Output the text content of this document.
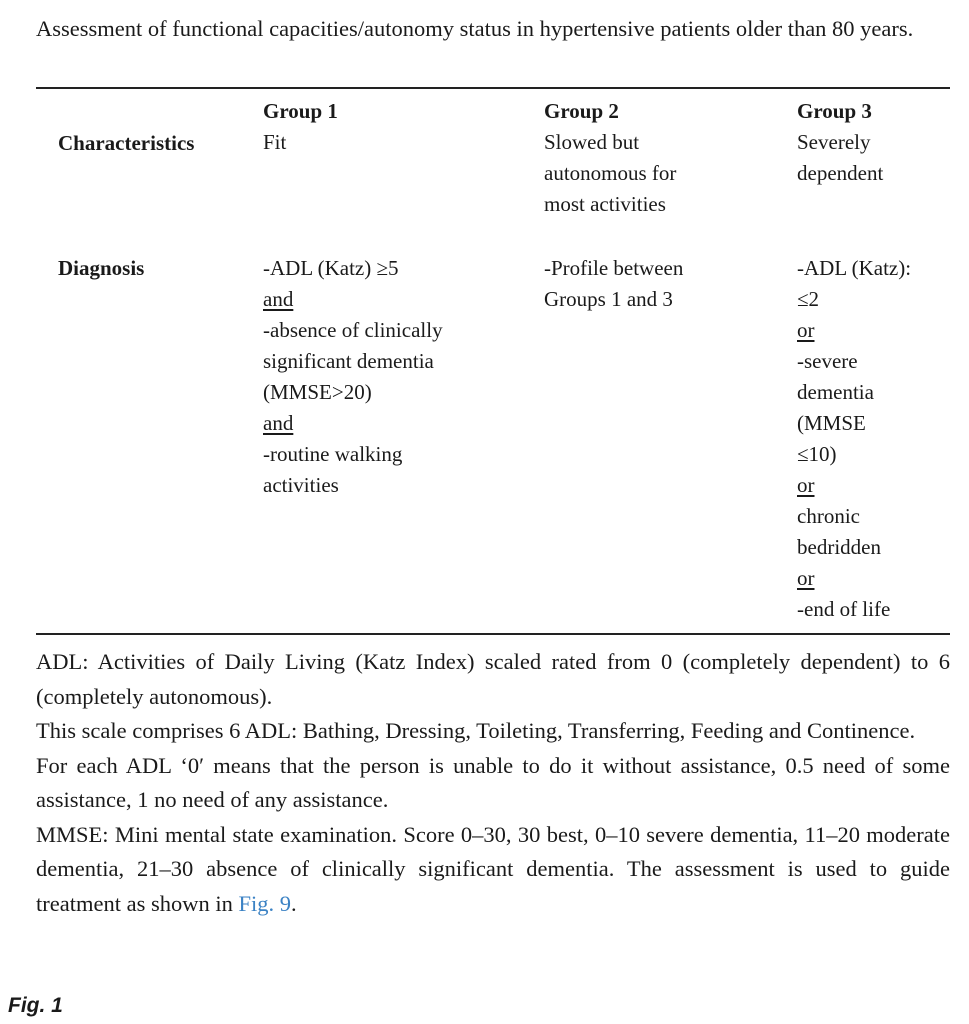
Assessment of functional capacities/autonomy status in hypertensive patients older than 80 years.
Characteristics
Diagnosis
Group 1
Fit
Group 2
Slowed but
autonomous for
most activities
Group 3
Severely
dependent
-ADL (Katz) ≥5
and
-absence of clinically
significant dementia
(MMSE>20)
and
-routine walking
activities
-Profile between
Groups 1 and 3
-ADL (Katz):
≤2
or
-severe
dementia
(MMSE
≤10)
or
chronic
bedridden
or
-end of life

ADL: Activities of Daily Living (Katz Index) scaled rated from 0 (completely dependent) to 6 (completely autonomous).

This scale comprises 6 ADL: Bathing, Dressing, Toileting, Transferring, Feeding and Continence.

For each ADL ‘0′ means that the person is unable to do it without assistance, 0.5 need of some assistance, 1 no need of any assistance.

MMSE: Mini mental state examination. Score 0–30, 30 best, 0–10 severe dementia, 11–20 moderate dementia, 21–30 absence of clinically significant dementia. The assessment is used to guide treatment as shown in Fig. 9.

Fig. 1
